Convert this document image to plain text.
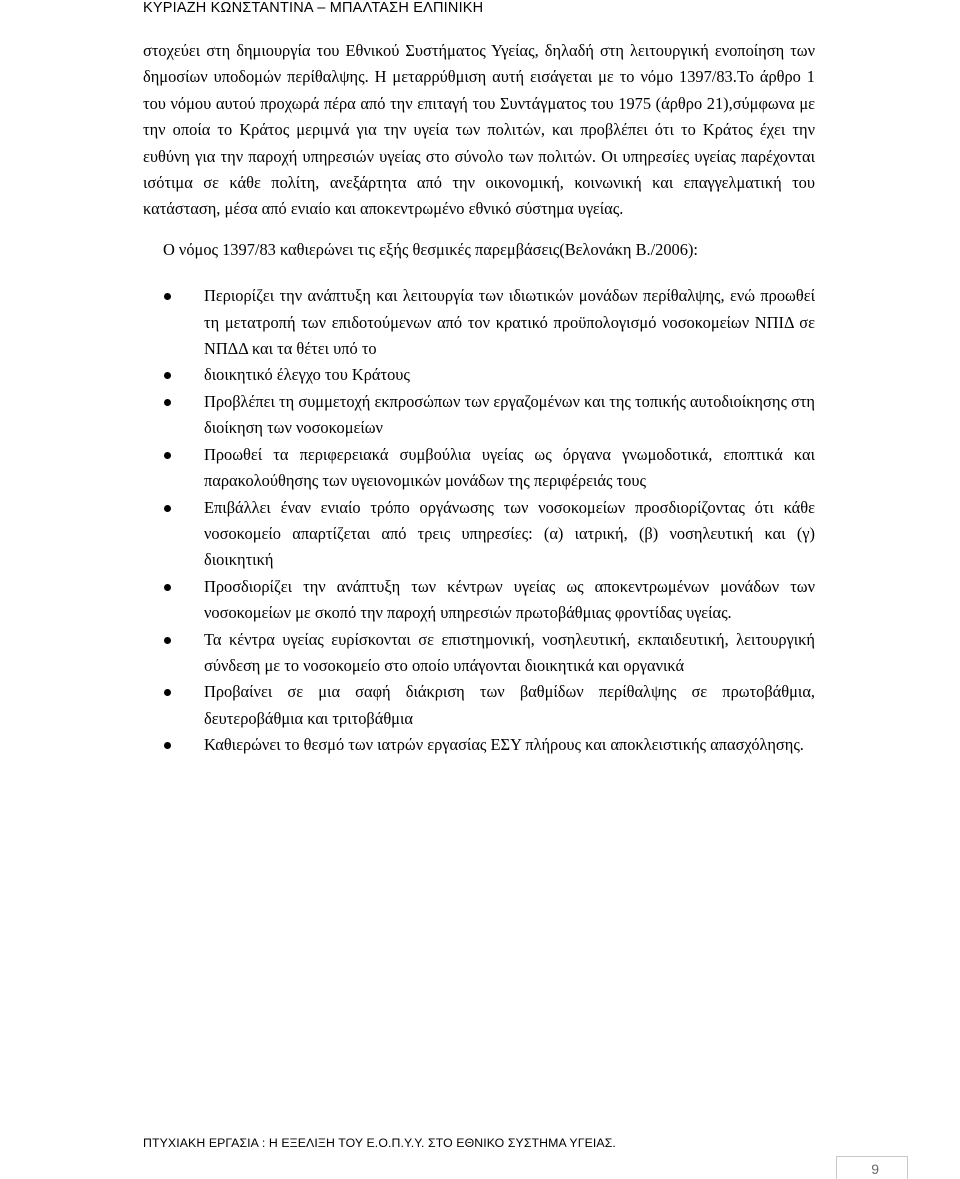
ΚΥΡΙΑΖΗ ΚΩΝΣΤΑΝΤΙΝΑ – ΜΠΑΛΤΑΣΗ ΕΛΠΙΝΙΚΗ

στοχεύει στη δημιουργία του Εθνικού Συστήματος Υγείας, δηλαδή στη λειτουργική ενοποίηση των δημοσίων υποδομών περίθαλψης. Η μεταρρύθμιση αυτή εισάγεται με το νόμο 1397/83.Το άρθρο 1 του νόμου αυτού προχωρά πέρα από την επιταγή του Συντάγματος του 1975 (άρθρο 21),σύμφωνα με την οποία το Κράτος μεριμνά για την υγεία των πολιτών, και προβλέπει ότι το Κράτος έχει την ευθύνη για την παροχή υπηρεσιών υγείας στο σύνολο των πολιτών. Οι υπηρεσίες υγείας παρέχονται ισότιμα σε κάθε πολίτη, ανεξάρτητα από την οικονομική, κοινωνική και επαγγελματική του κατάσταση, μέσα από ενιαίο και αποκεντρωμένο εθνικό σύστημα υγείας.

Ο νόμος 1397/83 καθιερώνει τις εξής θεσμικές παρεμβάσεις(Βελονάκη Β./2006):

Περιορίζει την ανάπτυξη και λειτουργία των ιδιωτικών μονάδων περίθαλψης, ενώ προωθεί τη μετατροπή των επιδοτούμενων από τον κρατικό προϋπολογισμό νοσοκομείων ΝΠΙΔ σε ΝΠΔΔ και τα θέτει υπό το
διοικητικό έλεγχο του Κράτους
Προβλέπει τη συμμετοχή εκπροσώπων των εργαζομένων και της τοπικής αυτοδιοίκησης στη διοίκηση των νοσοκομείων
Προωθεί τα περιφερειακά συμβούλια υγείας ως όργανα γνωμοδοτικά, εποπτικά και παρακολούθησης των υγειονομικών μονάδων της περιφέρειάς τους
Επιβάλλει έναν ενιαίο τρόπο οργάνωσης των νοσοκομείων προσδιορίζοντας ότι κάθε νοσοκομείο απαρτίζεται από τρεις υπηρεσίες: (α) ιατρική, (β) νοσηλευτική και (γ) διοικητική
Προσδιορίζει την ανάπτυξη των κέντρων υγείας ως αποκεντρωμένων μονάδων των νοσοκομείων με σκοπό την παροχή υπηρεσιών πρωτοβάθμιας φροντίδας υγείας.
Τα κέντρα υγείας ευρίσκονται σε επιστημονική, νοσηλευτική, εκπαιδευτική, λειτουργική σύνδεση με το νοσοκομείο στο οποίο υπάγονται διοικητικά και οργανικά
Προβαίνει σε μια σαφή διάκριση των βαθμίδων περίθαλψης σε πρωτοβάθμια, δευτεροβάθμια και τριτοβάθμια
Καθιερώνει το θεσμό των ιατρών εργασίας ΕΣΥ πλήρους και αποκλειστικής απασχόλησης.
ΠΤΥΧΙΑΚΗ ΕΡΓΑΣΙΑ : Η ΕΞΕΛΙΞΗ ΤΟΥ Ε.Ο.Π.Υ.Υ. ΣΤΟ ΕΘΝΙΚΟ ΣΥΣΤΗΜΑ ΥΓΕΙΑΣ.
9
